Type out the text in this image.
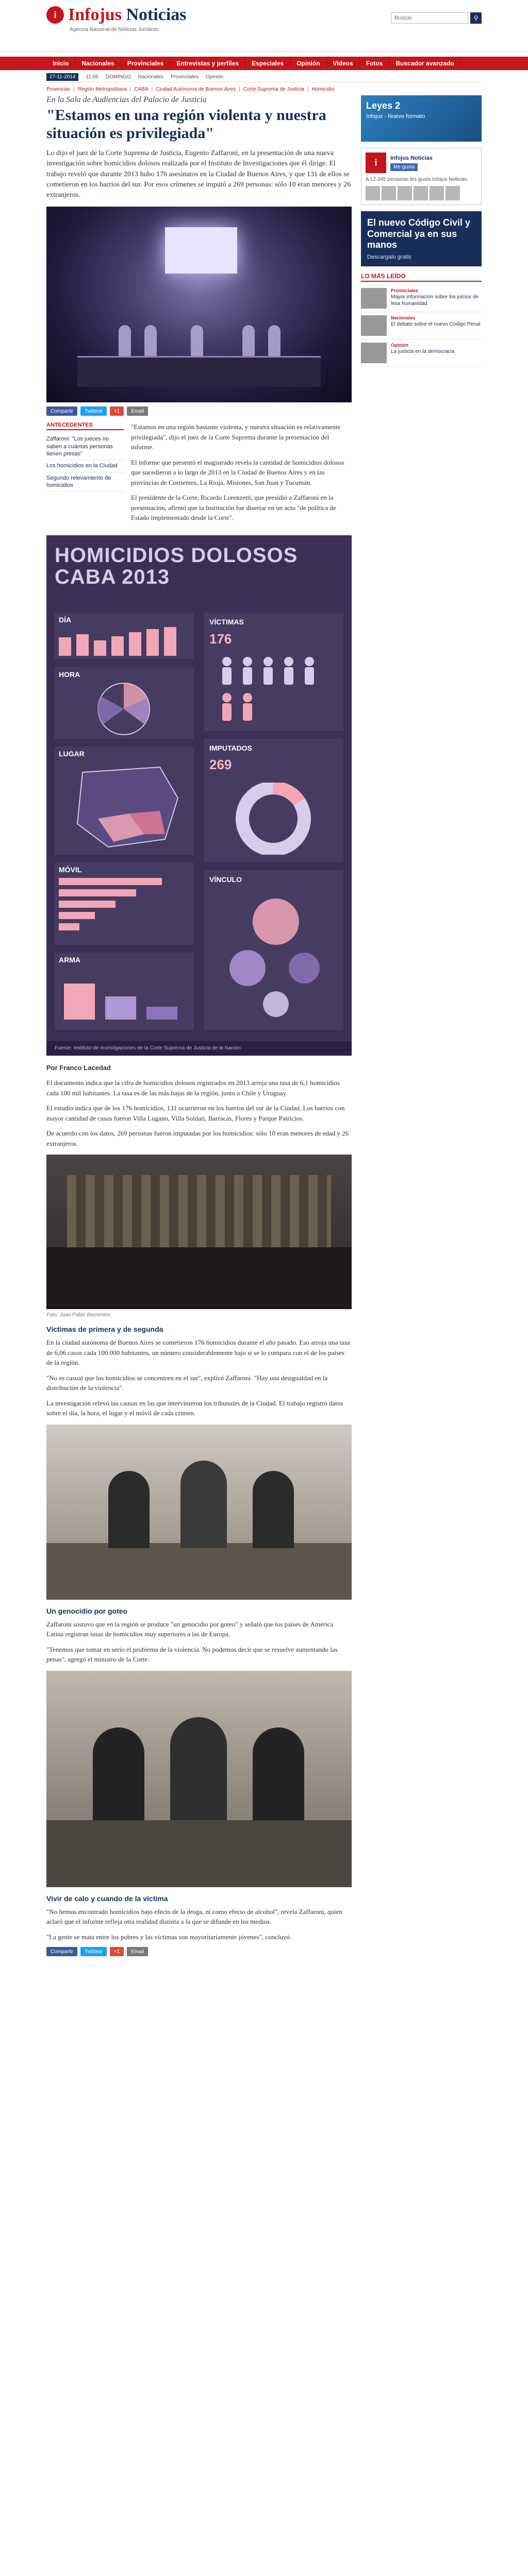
i Infojus Noticias
Agencia Nacional de Noticias Jurídicas
Buscar
⚲
Inicio	Nacionales	Provinciales	Entrevistas y perfiles	Especiales	Opinión	Videos	Fotos	Buscador avanzado
27-11-2014	11:06 DOMINGO Nacionales Provinciales Opinión
Provincias | Región Metropolitana | CABA | Ciudad Autónoma de Buenos Aires | Corte Suprema de Justicia | Homicidio
En la Sala de Audiencias del Palacio de Justicia
"Estamos en una región violenta y nuestra situación es privilegiada"

Lo dijo el juez de la Corte Suprema de Justicia, Eugenio Zaffaroni, en la presentación de una nueva investigación sobre homicidios dolosos realizada por el Instituto de Investigaciones que él dirige. El trabajo reveló que durante 2013 hubo 176 asesinatos en la Ciudad de Buenos Aires, y que 131 de ellos se cometieron en los barrios del sur. Por esos crímenes se imputó a 269 personas: sólo 10 eran menores y 26 extranjeros.

Compartir	Twittear	+1	Email
ANTECEDENTES
Zaffaroni: "Los jueces no saben a cuántas personas tienen presas"
Los homicidios en la Ciudad
Segundo relevamiento de homicidios

"Estamos en una región bastante violenta, y nuestra situación es relativamente privilegiada", dijo el juez de la Corte Suprema durante la presentación del informe.

El informe que presentó el magistrado revela la cantidad de homicidios dolosos que sucedieron a lo largo de 2013 en la Ciudad de Buenos Aires y en las provincias de Corrientes, La Rioja, Misiones, San Juan y Tucumán.

El presidente de la Corte, Ricardo Lorenzetti, que presidió a Zaffaroni en la presentación, afirmó que la Institución fue disertar en un acto "de política de Estado implementado desde la Corte".

HOMICIDIOS DOLOSOS
CABA 2013
DÍA
HORA
LUGAR
MÓVIL
ARMA
VÍCTIMAS
176
IMPUTADOS
269
VÍNCULO
Fuente: Instituto de Investigaciones de la Corte Suprema de Justicia de la Nación
Por Franco Lacedad

El documento indica que la cifra de homicidios dolosos registrados en 2013 arroja una tasa de 6,1 homicidios cada 100 mil habitantes. La tasa es de las más bajas de la región, junto a Chile y Uruguay.

El estudio indica que de los 176 homicidios, 131 ocurrieron en los barrios del sur de la Ciudad. Los barrios con mayor cantidad de casos fueron Villa Lugano, Villa Soldati, Barracas, Flores y Parque Patricios.

De acuerdo con los datos, 269 personas fueron imputadas por los homicidios: sólo 10 eran menores de edad y 26 extranjeros.

Foto: Juan Pablo Barrientos
Víctimas de primera y de segunda

En la ciudad autónoma de Buenos Aires se cometieron 176 homicidios durante el año pasado. Eso arroja una tasa de 6,06 casos cada 100.000 habitantes, un número considerablemente bajo si se lo compara con el de los países de la región.

"No es casual que los homicidios se concentren en el sur", explicó Zaffaroni. "Hay una desigualdad en la distribución de la violencia".

La investigación relevó las causas en las que intervinieron los tribunales de la Ciudad. El trabajo registró datos sobre el día, la hora, el lugar y el móvil de cada crimen.

Un genocidio por goteo

Zaffaroni sostuvo que en la región se produce "un genocidio por goteo" y señaló que los países de América Latina registran tasas de homicidios muy superiores a las de Europa.

"Tenemos que tomar en serio el problema de la violencia. No podemos decir que se resuelve aumentando las penas", agregó el ministro de la Corte.

Vivir de calo y cuando de la víctima

"No hemos encontrado homicidios bajo efecto de la droga, ni como efecto de alcohol", revela Zaffaroni, quien aclaró que el informe refleja otra realidad distinta a la que se difunde en los medios.

"La gente se mata entre los pobres y las víctimas son mayoritariamente jóvenes", concluyó.

Compartir	Twittear	+1	Email
Leyes 2
Infojus - Nuevo formato
i	Infojus Noticias
Me gusta
A 12.345 personas les gusta Infojus Noticias.
El nuevo Código Civil y Comercial ya en sus manos
Descargalo gratis
LO MÁS LEÍDO
Provinciales
Mayor información sobre los juicios de lesa humanidad
Nacionales
El debate sobre el nuevo Código Penal
Opinión
La justicia en la democracia
